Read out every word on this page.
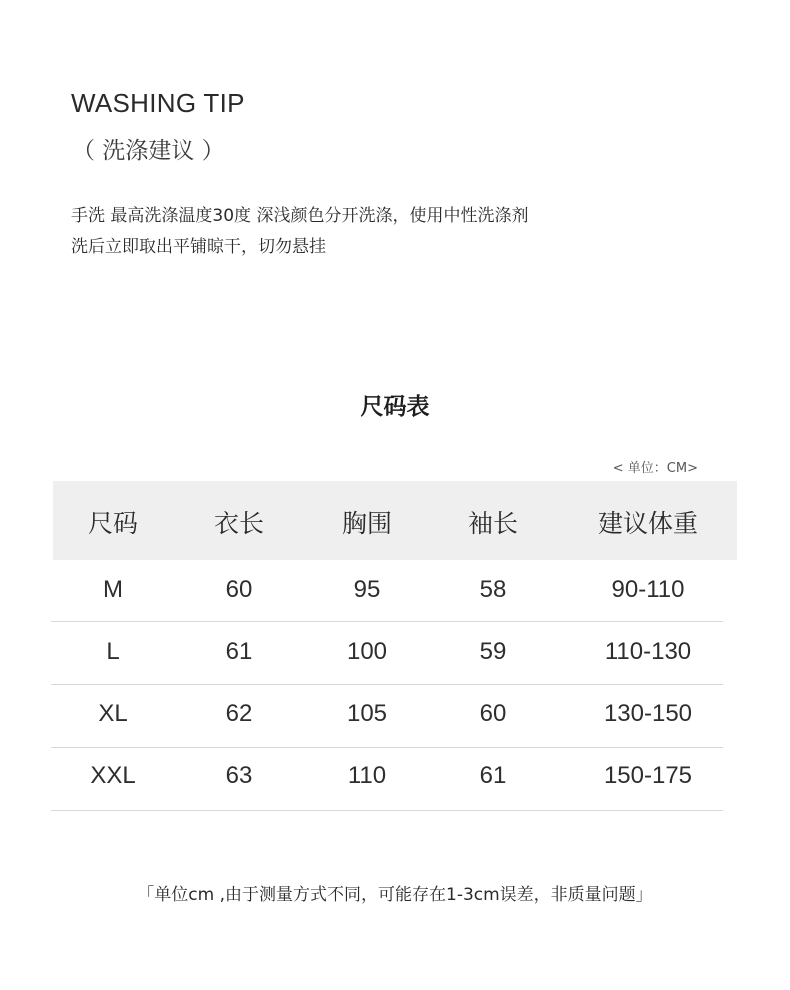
WASHING TIP
（ 洗涤建议 ）
手洗 最高洗涤温度30度 深浅颜色分开洗涤，使用中性洗涤剂
洗后立即取出平铺晾干，切勿悬挂
尺码表
< 单位：CM>
尺码	衣长	胸围	袖长	建议体重
M	60	95	58	90-110
L	61	100	59	110-130
XL	62	105	60	130-150
XXL	63	110	61	150-175
「单位cm ,由于测量方式不同，可能存在1-3cm误差，非质量问题」
